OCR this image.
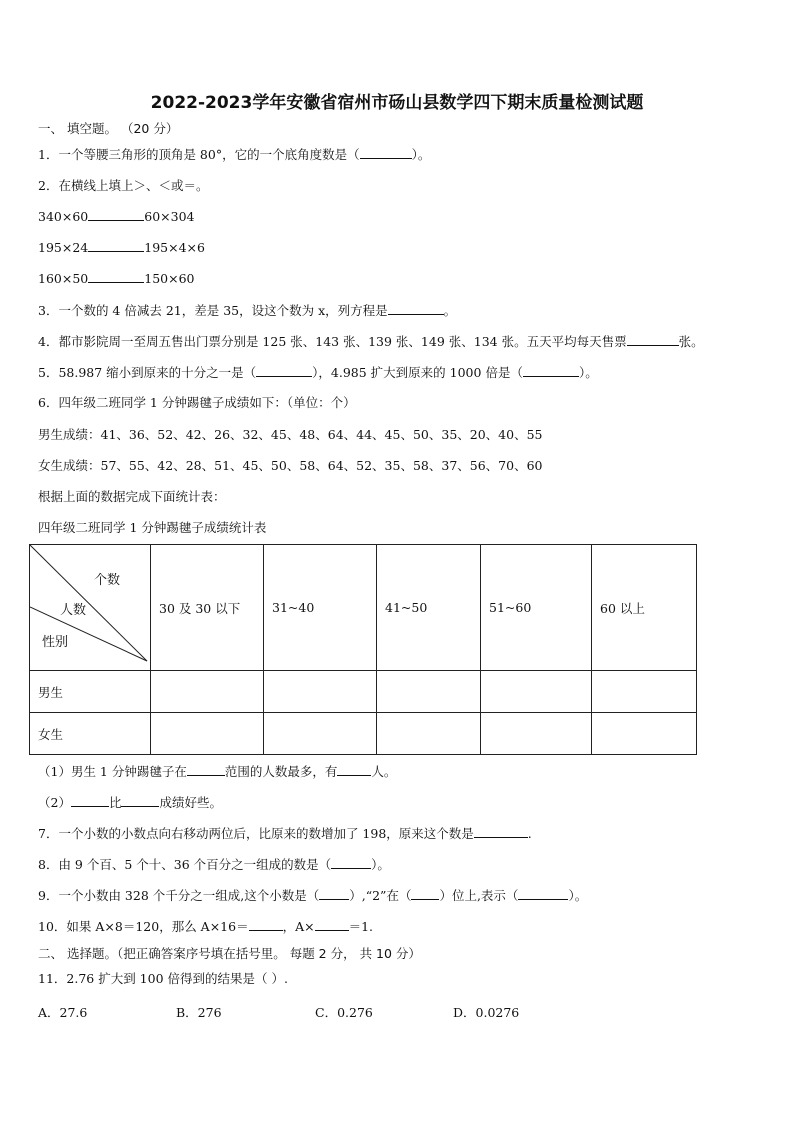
2022-2023学年安徽省宿州市砀山县数学四下期末质量检测试题
一、 填空题。 （20 分）
1．一个等腰三角形的顶角是 80°，它的一个底角度数是（	）。
2．在横线上填上＞、＜或＝。
340×60	60×304
195×24	195×4×6
160×50	150×60
3．一个数的 4 倍减去 21，差是 35，设这个数为 x，列方程是	。
4．都市影院周一至周五售出门票分别是 125 张、143 张、139 张、149 张、134 张。五天平均每天售票	张。
5．58.987 缩小到原来的十分之一是（	），4.985 扩大到原来的 1000 倍是（	）。
6．四年级二班同学 1 分钟踢毽子成绩如下：（单位：个）
男生成绩：41、36、52、42、26、32、45、48、64、44、45、50、35、20、40、55
女生成绩：57、55、42、28、51、45、50、58、64、52、35、58、37、56、70、60
根据上面的数据完成下面统计表：
四年级二班同学 1 分钟踢毽子成绩统计表
个数
人数
性别	30 及 30 以下	31~40	41~50	51~60	60 以上
男生					
女生					
（1）男生 1 分钟踢毽子在	范围的人数最多，有	人。
（2）	比	成绩好些。
7．一个小数的小数点向右移动两位后，比原来的数增加了 198，原来这个数是	.
8．由 9 个百、5 个十、36 个百分之一组成的数是（	）。
9．一个小数由 328 个千分之一组成,这个小数是（ ）,“2”在（ ）位上,表示（	）。
10．如果 A×8＝120，那么 A×16＝	，A×	＝1.
二、 选择题。（把正确答案序号填在括号里。 每题 2 分， 共 10 分）
11．2.76 扩大到 100 倍得到的结果是（ ）.
A．27.6	B．276	C．0.276	D．0.0276
